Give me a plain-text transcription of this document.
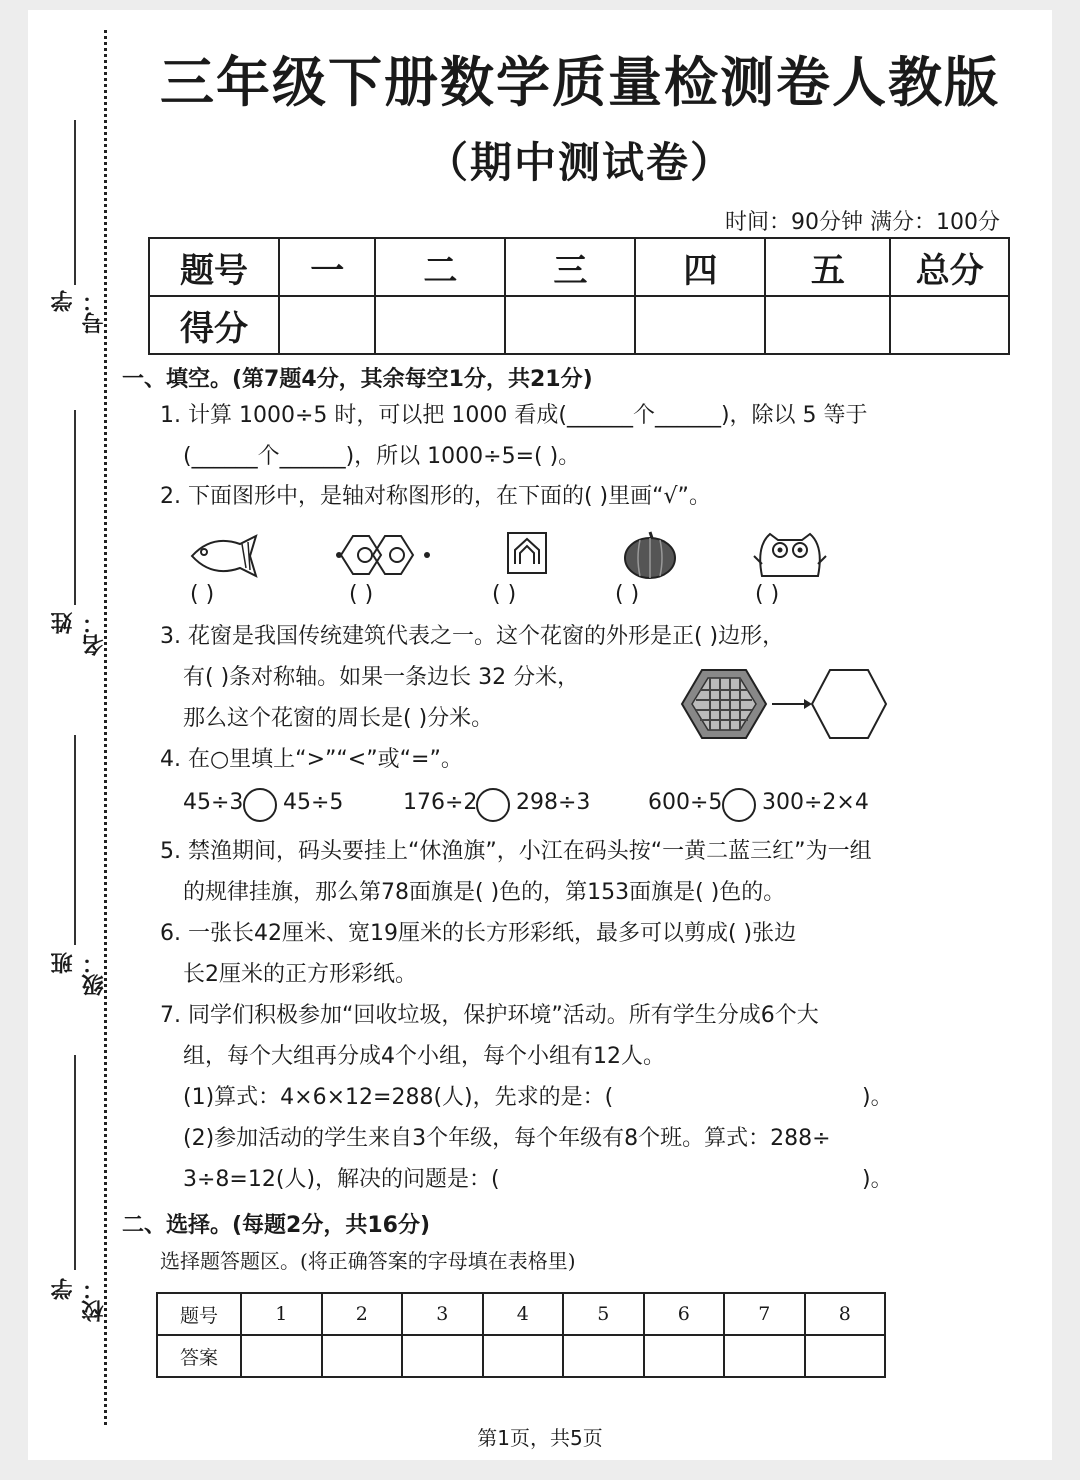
学号：
姓名：
班级：
学校：
三年级下册数学质量检测卷人教版
（期中测试卷）
时间：90分钟 满分：100分
题号	一	二	三	四	五	总分
得分						
一、填空。(第7题4分，其余每空1分，共21分)
1. 计算 1000÷5 时，可以把 1000 看成(______个______)，除以 5 等于
(______个______)，所以 1000÷5=( )。
2. 下面图形中，是轴对称图形的，在下面的( )里画“√”。
( )	( )	( )	( )	( )
3. 花窗是我国传统建筑代表之一。这个花窗的外形是正( )边形，
有( )条对称轴。如果一条边长 32 分米，
那么这个花窗的周长是( )分米。
4. 在○里填上“>”“<”或“=”。
45÷3 45÷5	176÷2 298÷3	600÷5 300÷2×4
5. 禁渔期间，码头要挂上“休渔旗”，小江在码头按“一黄二蓝三红”为一组
的规律挂旗，那么第78面旗是( )色的，第153面旗是( )色的。
6. 一张长42厘米、宽19厘米的长方形彩纸，最多可以剪成( )张边
长2厘米的正方形彩纸。
7. 同学们积极参加“回收垃圾，保护环境”活动。所有学生分成6个大
组，每个大组再分成4个小组，每个小组有12人。
(1)算式：4×6×12=288(人)，先求的是：(	)。
(2)参加活动的学生来自3个年级，每个年级有8个班。算式：288÷
3÷8=12(人)，解决的问题是：(	)。
二、选择。(每题2分，共16分)
选择题答题区。(将正确答案的字母填在表格里)
题号	1	2	3	4	5	6	7	8
答案								
第1页，共5页
